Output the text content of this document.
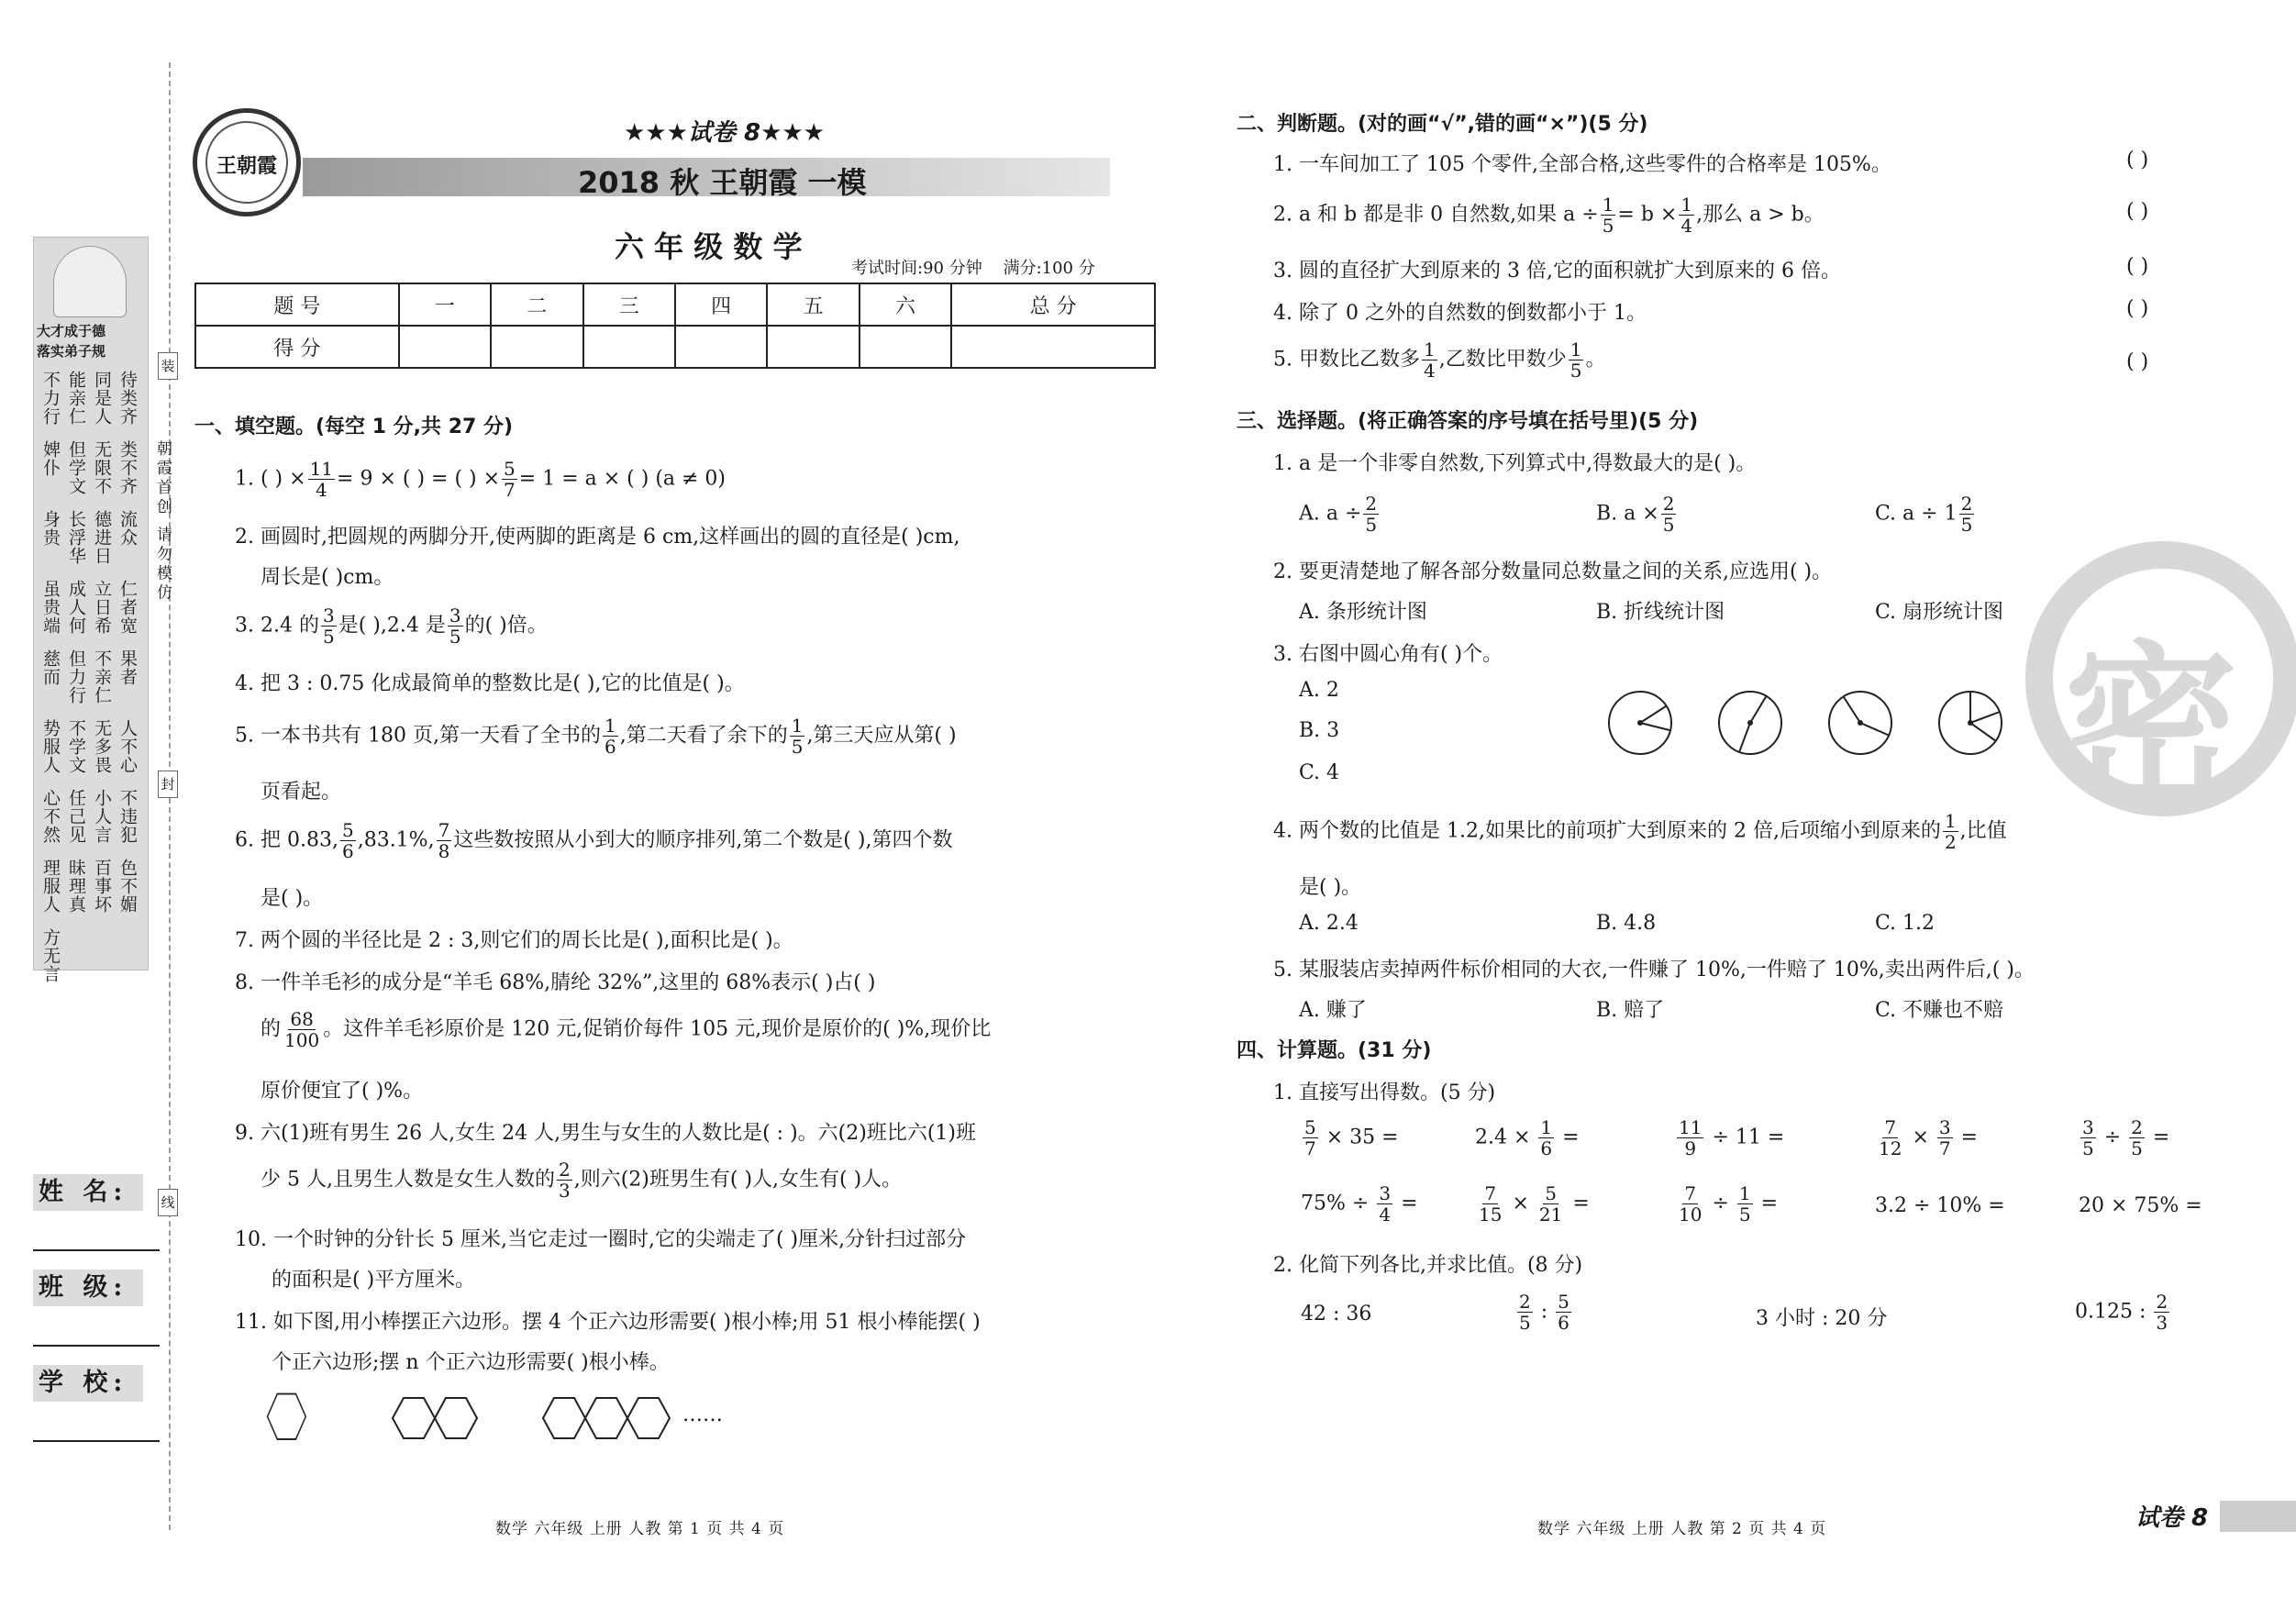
大才成于德
落实弟子规
不力行 能亲仁 同是人 待类齐
婢仆 但学文 无限不 类不齐
身贵 长浮华 德进日 流众
虽贵端 成人何 立日希 仁者宽
慈而 但力行 不亲仁 果者
势服人 不学文 无多畏 人不心
心不然 任己见 小人言 不违犯
理服人 昧理真 百事坏 色不媚
方无言
朝霞首创 请勿模仿
装
封
线
姓 名:
班 级:
学 校:
王朝霞
★★★试卷 8★★★
2018 秋 王朝霞 一模
六 年 级 数 学
考试时间:90 分钟    满分:100 分
题 号	一	二	三	四	五	六	总 分
得 分							
一、填空题。(每空 1 分,共 27 分)
1. ( ) × $\frac{11}{4} = 9$ × ( ) = ( ) × $\frac{5}{7} = 1 = a$ × ( ) (a ≠ 0)
2. 画圆时,把圆规的两脚分开,使两脚的距离是 6 cm,这样画出的圆的直径是( )cm,
周长是( )cm。
3. 2.4 的 $\frac{3}{5}$ 是( ),2.4 是 $\frac{3}{5}$ 的( )倍。
4. 把 3 : 0.75 化成最简单的整数比是( ),它的比值是( )。
5. 一本书共有 180 页,第一天看了全书的 $\frac{1}{6}$ ,第二天看了余下的 $\frac{1}{5}$ ,第三天应从第( )
页看起。
6. 把 0.83, $\frac{5}{6} ,83.1\%$, $\frac{7}{8}$ 这些数按照从小到大的顺序排列,第二个数是( ),第四个数
是( )。
7. 两个圆的半径比是 2 : 3,则它们的周长比是( ),面积比是( )。
8. 一件羊毛衫的成分是“羊毛 68%,腈纶 32%”,这里的 68%表示( )占( )
的 $\frac{68}{100}$ 。这件羊毛衫原价是 120 元,促销价每件 105 元,现价是原价的( )%,现价比
原价便宜了( )%。
9. 六(1)班有男生 26 人,女生 24 人,男生与女生的人数比是( : )。六(2)班比六(1)班
少 5 人,且男生人数是女生人数的 $\frac{2}{3}$ ,则六(2)班男生有( )人,女生有( )人。
10. 一个时钟的分针长 5 厘米,当它走过一圈时,它的尖端走了( )厘米,分针扫过部分
的面积是( )平方厘米。
11. 如下图,用小棒摆正六边形。摆 4 个正六边形需要( )根小棒;用 51 根小棒能摆( )
个正六边形;摆 n 个正六边形需要( )根小棒。
……
数学 六年级 上册 人教 第 1 页 共 4 页
密
二、判断题。(对的画“√”,错的画“×”)(5 分)
1. 一车间加工了 105 个零件,全部合格,这些零件的合格率是 105%。	( )
2. a 和 b 都是非 0 自然数,如果 $a \div \frac{1}{5} = b \times \frac{1}{4}$ ,那么 a > b。	( )
3. 圆的直径扩大到原来的 3 倍,它的面积就扩大到原来的 6 倍。	( )
4. 除了 0 之外的自然数的倒数都小于 1。	( )
5. 甲数比乙数多 $\frac{1}{4}$ ,乙数比甲数少 $\frac{1}{5}$ 。	( )
三、选择题。(将正确答案的序号填在括号里)(5 分)
1. a 是一个非零自然数,下列算式中,得数最大的是( )。
A. $a \div \frac{2}{5}$	B. $a \times \frac{2}{5}$	C. $a \div 1 \frac{2}{5}$
2. 要更清楚地了解各部分数量同总数量之间的关系,应选用( )。
A. 条形统计图	B. 折线统计图	C. 扇形统计图
3. 右图中圆心角有( )个。
A. 2
B. 3
C. 4
4. 两个数的比值是 1.2,如果比的前项扩大到原来的 2 倍,后项缩小到原来的 $\frac{1}{2}$ ,比值
是( )。
A. 2.4	B. 4.8	C. 1.2
5. 某服装店卖掉两件标价相同的大衣,一件赚了 10%,一件赔了 10%,卖出两件后,( )。
A. 赚了	B. 赔了	C. 不赚也不赔
四、计算题。(31 分)
1. 直接写出得数。(5 分)
$\frac{5}{7} \times 35$ =	$2.4 \times \frac{1}{6}$ =	$\frac{11}{9} \div 11$ =	$\frac{7}{12} \times \frac{3}{7}$ =	$\frac{3}{5} \div \frac{2}{5}$ =
$75\% \div \frac{3}{4}$ =	$\frac{7}{15} \times \frac{5}{21}$ =	$\frac{7}{10} \div \frac{1}{5}$ =	3.2 ÷ 10% =	20 × 75% =
2. 化简下列各比,并求比值。(8 分)
42 : 36	$\frac{2}{5}$ : $\frac{5}{6}$	3 小时 : 20 分	0.125 : $\frac{2}{3}$
数学 六年级 上册 人教 第 2 页 共 4 页	试卷 8
